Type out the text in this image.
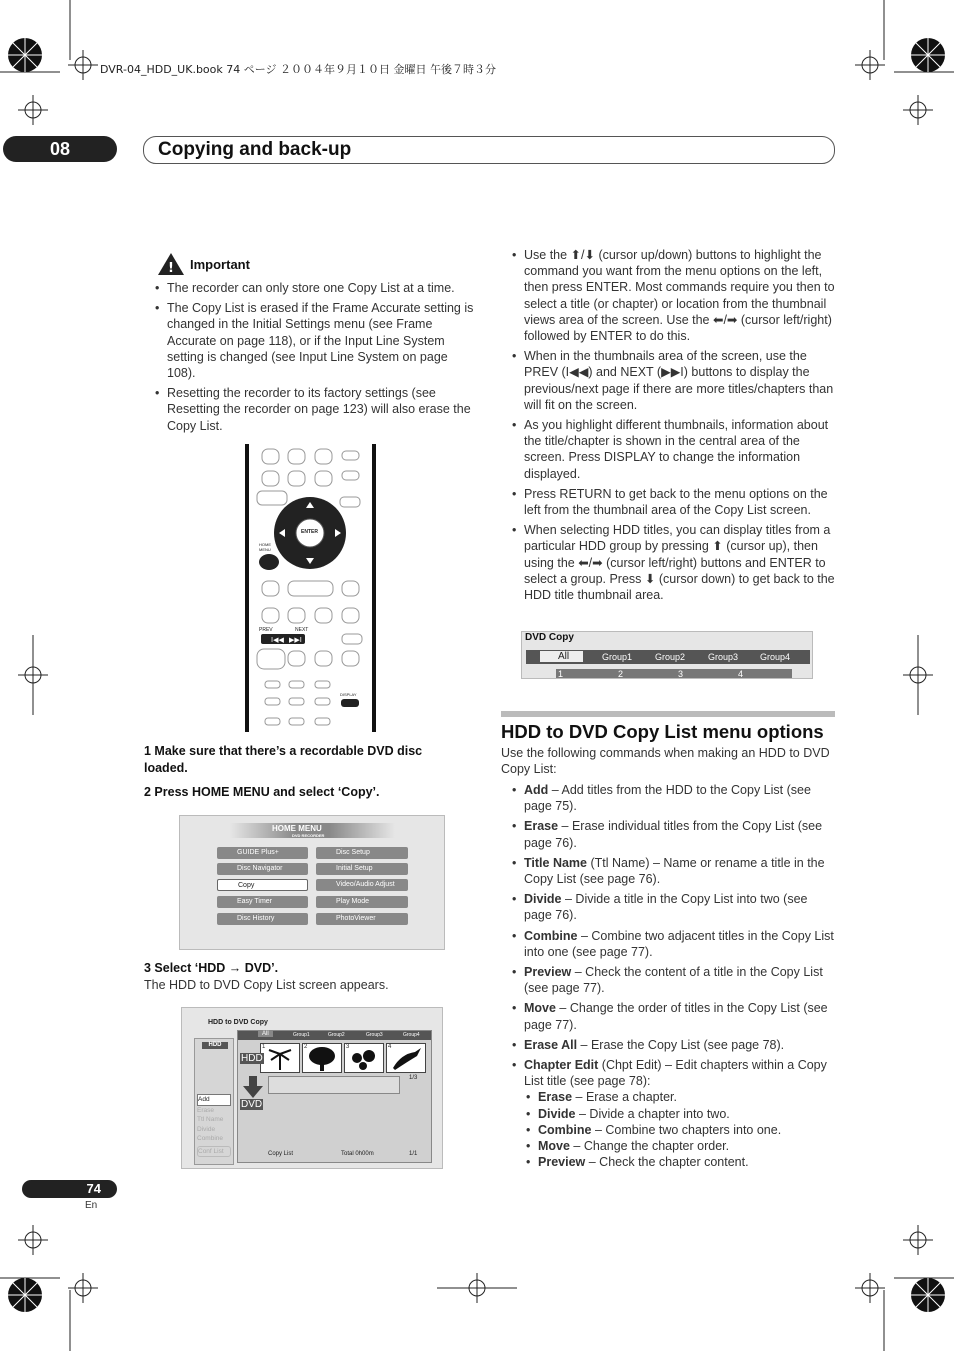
DVR-04_HDD_UK.book 74 ページ ２００４年９月１０日 金曜日 午後７時３分
08	Copying and back-up
! Important
• The recorder can only store one Copy List at a time.
• The Copy List is erased if the Frame Accurate setting is changed in the Initial Settings menu (see Frame Accurate on page 118), or if the Input Line System setting is changed (see Input Line System on page 108).
• Resetting the recorder to its factory settings (see Resetting the recorder on page 123) will also erase the Copy List.
I◀◀ ▶▶I
ENTER
HOME MENU
PREV	NEXT
DISPLAY
1 Make sure that there’s a recordable DVD disc loaded.
2 Press HOME MENU and select ‘Copy’.
HOME MENU
DVD RECORDER
GUIDE Plus+
Disc Navigator
Copy
Easy Timer
Disc History
Disc Setup
Initial Setup
Video/Audio Adjust
Play Mode
PhotoViewer
3 Select ‘HDD → DVD’.
The HDD to DVD Copy List screen appears.
HDD to DVD Copy
HDD
Add
Erase
Ttl Name
Divide
Combine
Conf List
All	Group1	Group2	Group3	Group4
1	2	3	4
HDD
1/3
DVD
Copy List	Total 0h00m	1/1
• Use the ⬆/⬇ (cursor up/down) buttons to highlight the command you want from the menu options on the left, then press ENTER. Most commands require you then to select a title (or chapter) or location from the thumbnail views area of the screen. Use the ⬅/➡ (cursor left/right) followed by ENTER to do this.
• When in the thumbnails area of the screen, use the PREV (I◀◀) and NEXT (▶▶I) buttons to display the previous/next page if there are more titles/chapters than will fit on the screen.
• As you highlight different thumbnails, information about the title/chapter is shown in the central area of the screen. Press DISPLAY to change the information displayed.
• Press RETURN to get back to the menu options on the left from the thumbnail area of the Copy List screen.
• When selecting HDD titles, you can display titles from a particular HDD group by pressing ⬆ (cursor up), then using the ⬅/➡ (cursor left/right) buttons and ENTER to select a group. Press ⬇ (cursor down) to get back to the HDD title thumbnail area.
DVD Copy
All	Group1	Group2	Group3 Group4
1	2	3	4
HDD to DVD Copy List menu options
Use the following commands when making an HDD to DVD Copy List:
• Add – Add titles from the HDD to the Copy List (see page 75).
• Erase – Erase individual titles from the Copy List (see page 76).
• Title Name (Ttl Name) – Name or rename a title in the Copy List (see page 76).
• Divide – Divide a title in the Copy List into two (see page 76).
• Combine – Combine two adjacent titles in the Copy List into one (see page 77).
• Preview – Check the content of a title in the Copy List (see page 77).
• Move – Change the order of titles in the Copy List (see page 77).
• Erase All – Erase the Copy List (see page 78).
• Chapter Edit (Chpt Edit) – Edit chapters within a Copy List title (see page 78):
• Erase – Erase a chapter.
• Divide – Divide a chapter into two.
• Combine – Combine two chapters into one.
• Move – Change the chapter order.
• Preview – Check the chapter content.
74
En
